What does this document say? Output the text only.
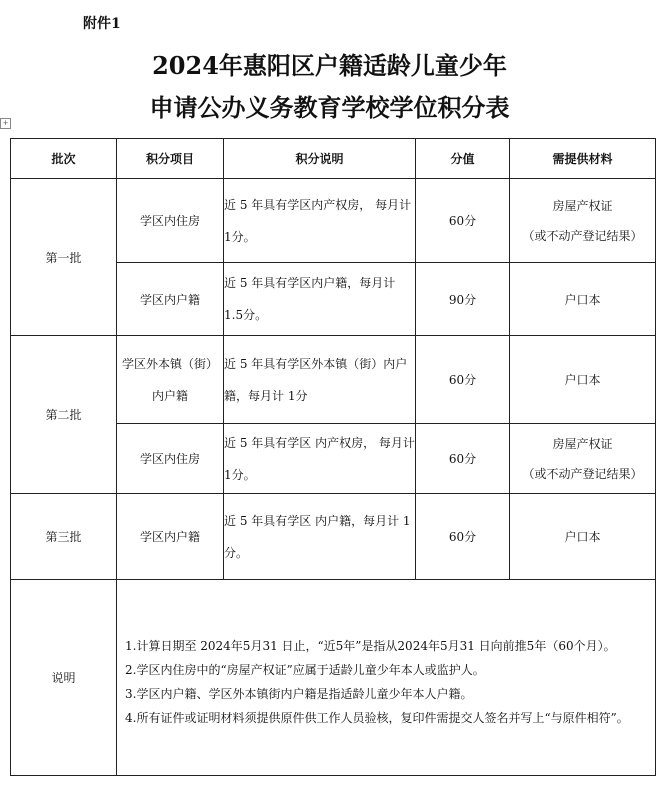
附件1
2024年惠阳区户籍适龄儿童少年
申请公办义务教育学校学位积分表
+
批次	积分项目	积分说明	分值	需提供材料
第一批	学区内住房	近 5 年具有学区内产权房， 每月计 1分。	60分	房屋产权证
（或不动产登记结果）

	学区内户籍	近 5 年具有学区内户籍，每月计 1.5分。	90分	户口本
第二批	学区外本镇（街）内户籍	近 5 年具有学区外本镇（街）内户籍，每月计 1分	60分	户口本
	学区内住房	近 5 年具有学区 内产权房， 每月计 1分。	60分	房屋产权证
（或不动产登记结果）

第三批	学区内户籍	近 5 年具有学区 内户籍，每月计 1分。	60分	户口本
说明	1.计算日期至 2024年5月31 日止，“近5年”是指从2024年5月31 日向前推5年（60个月）。
2.学区内住房中的“房屋产权证”应属于适龄儿童少年本人或监护人。
3.学区内户籍、学区外本镇街内户籍是指适龄儿童少年本人户籍。
4.所有证件或证明材料须提供原件供工作人员验核，复印件需提交人签名并写上“与原件相符”。			
